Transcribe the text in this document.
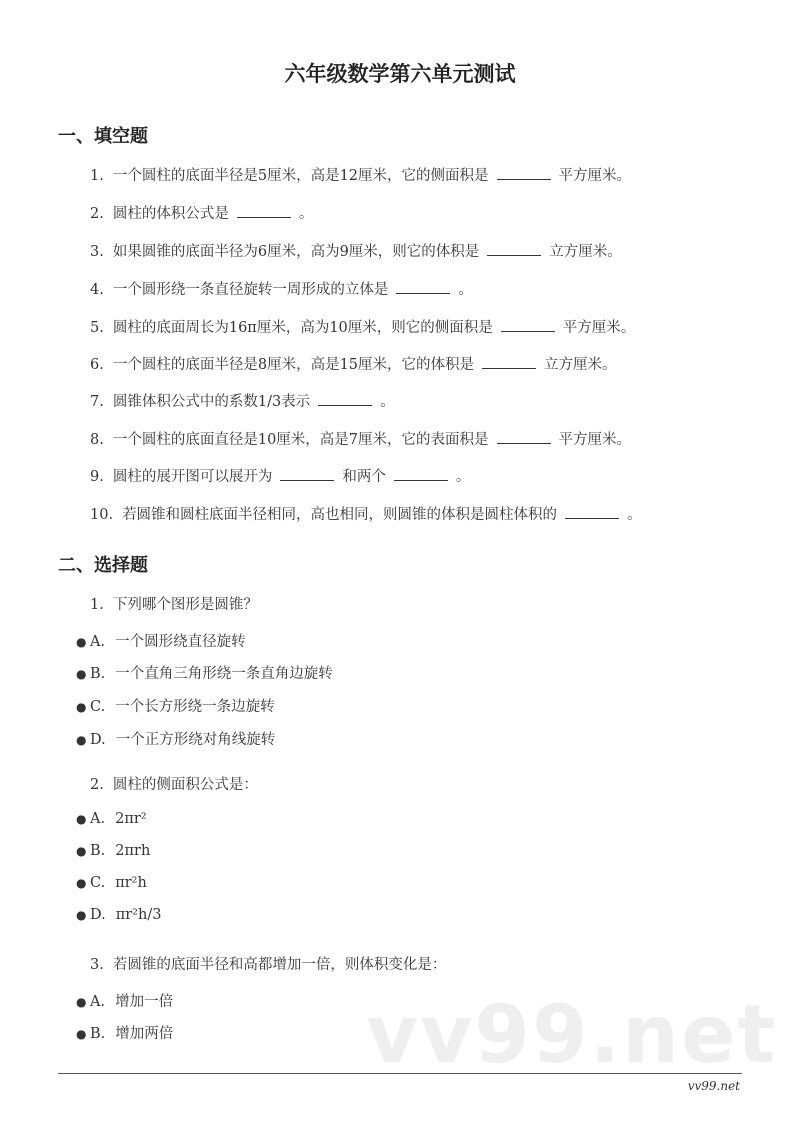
六年级数学第六单元测试
一、填空题
1. 一个圆柱的底面半径是5厘米，高是12厘米，它的侧面积是	平方厘米。
2. 圆柱的体积公式是	。
3. 如果圆锥的底面半径为6厘米，高为9厘米，则它的体积是	立方厘米。
4. 一个圆形绕一条直径旋转一周形成的立体是	。
5. 圆柱的底面周长为16π厘米，高为10厘米，则它的侧面积是	平方厘米。
6. 一个圆柱的底面半径是8厘米，高是15厘米，它的体积是	立方厘米。
7. 圆锥体积公式中的系数1/3表示	。
8. 一个圆柱的底面直径是10厘米，高是7厘米，它的表面积是	平方厘米。
9. 圆柱的展开图可以展开为	和两个	。
10. 若圆锥和圆柱底面半径相同，高也相同，则圆锥的体积是圆柱体积的	。
二、选择题
1. 下列哪个图形是圆锥？
● A. 一个圆形绕直径旋转
● B. 一个直角三角形绕一条直角边旋转
● C. 一个长方形绕一条边旋转
● D. 一个正方形绕对角线旋转
2. 圆柱的侧面积公式是：
● A. 2πr²
● B. 2πrh
● C. πr²h
● D. πr²h/3
3. 若圆锥的底面半径和高都增加一倍，则体积变化是：
● A. 增加一倍
● B. 增加两倍 vv99.net
vv99.net
